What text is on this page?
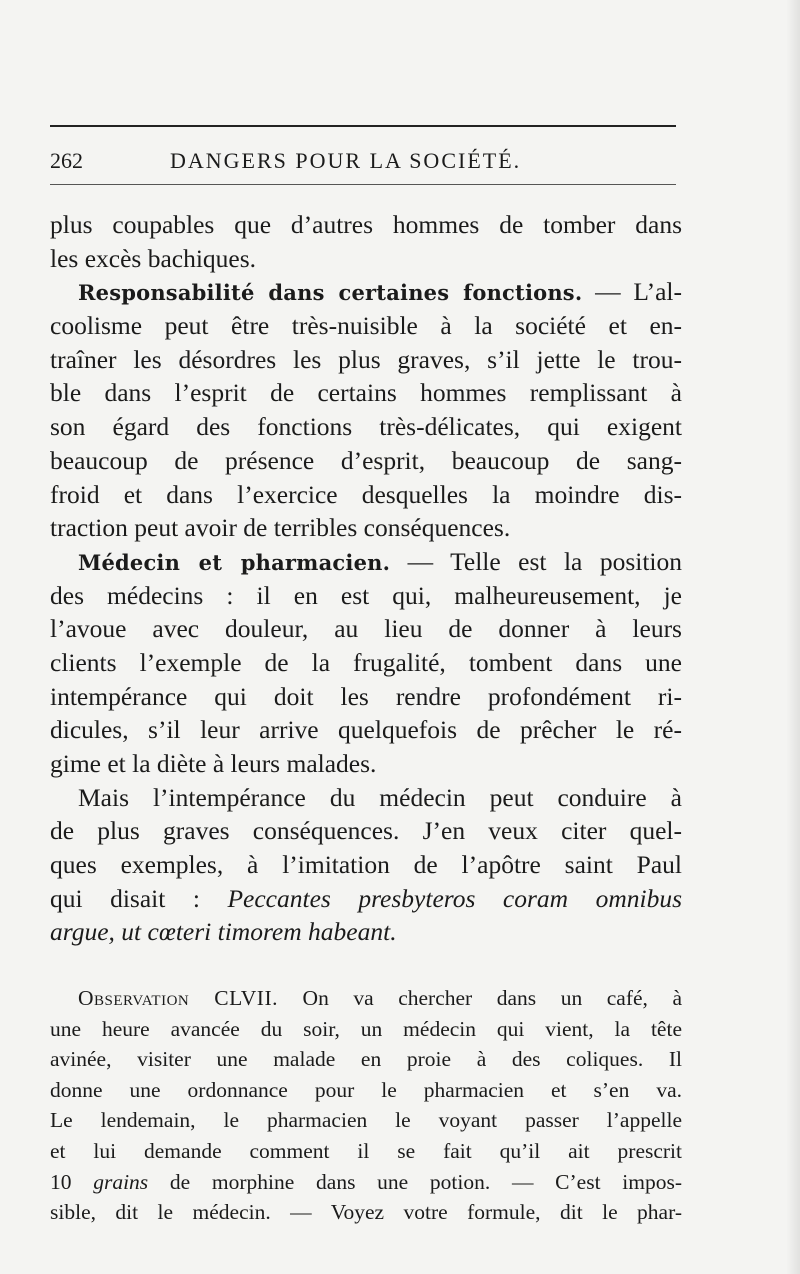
262	DANGERS POUR LA SOCIÉTÉ.
plus coupables que d’autres hommes de tomber dans
les excès bachiques.
Responsabilité dans certaines fonctions. — L’al-
coolisme peut être très-nuisible à la société et en-
traîner les désordres les plus graves, s’il jette le trou-
ble dans l’esprit de certains hommes remplissant à
son égard des fonctions très-délicates, qui exigent
beaucoup de présence d’esprit, beaucoup de sang-
froid et dans l’exercice desquelles la moindre dis-
traction peut avoir de terribles conséquences.
Médecin et pharmacien. — Telle est la position
des médecins : il en est qui, malheureusement, je
l’avoue avec douleur, au lieu de donner à leurs
clients l’exemple de la frugalité, tombent dans une
intempérance qui doit les rendre profondément ri-
dicules, s’il leur arrive quelquefois de prêcher le ré-
gime et la diète à leurs malades.
Mais l’intempérance du médecin peut conduire à
de plus graves conséquences. J’en veux citer quel-
ques exemples, à l’imitation de l’apôtre saint Paul
qui disait : Peccantes presbyteros coram omnibus
argue, ut cœteri timorem habeant.
Observation CLVII. On va chercher dans un café, à
une heure avancée du soir, un médecin qui vient, la tête
avinée, visiter une malade en proie à des coliques. Il
donne une ordonnance pour le pharmacien et s’en va.
Le lendemain, le pharmacien le voyant passer l’appelle
et lui demande comment il se fait qu’il ait prescrit
10 grains de morphine dans une potion. — C’est impos-
sible, dit le médecin. — Voyez votre formule, dit le phar-
